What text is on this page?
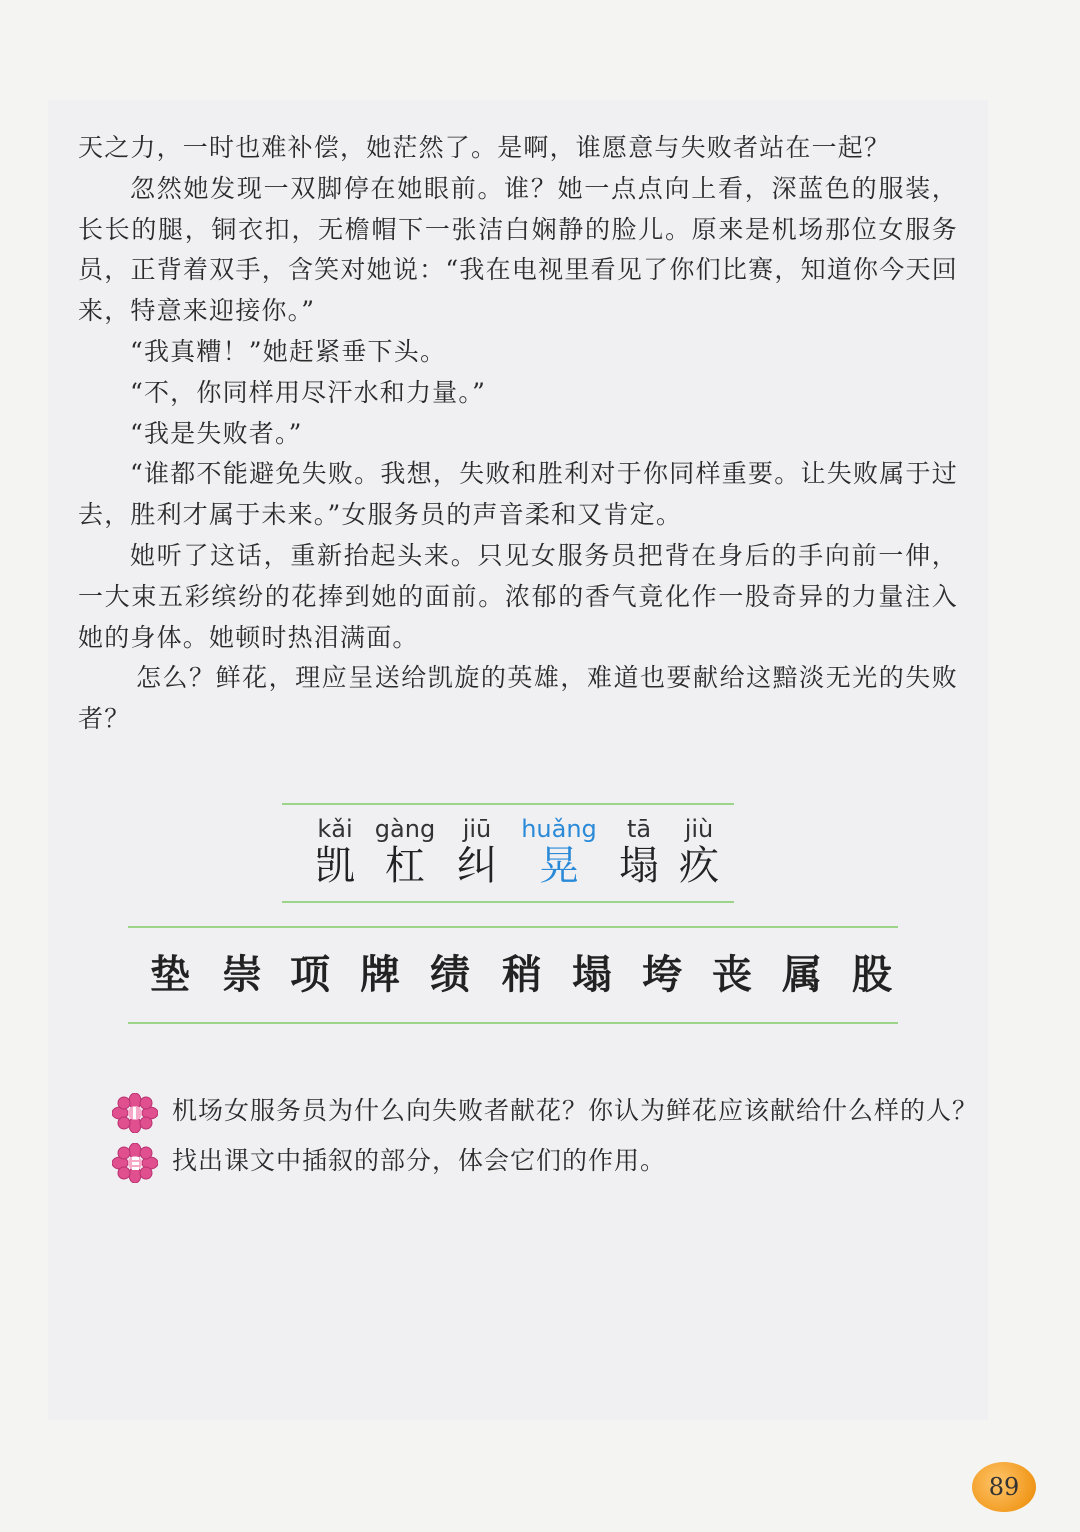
天之力，一时也难补偿，她茫然了。是啊，谁愿意与失败者站在一起？

忽然她发现一双脚停在她眼前。谁？她一点点向上看，深蓝色的服装，长长的腿，铜衣扣，无檐帽下一张洁白娴静的脸儿。原来是机场那位女服务员，正背着双手，含笑对她说：“我在电视里看见了你们比赛，知道你今天回来，特意来迎接你。”

“我真糟！”她赶紧垂下头。

“不，你同样用尽汗水和力量。”

“我是失败者。”

“谁都不能避免失败。我想，失败和胜利对于你同样重要。让失败属于过去，胜利才属于未来。”女服务员的声音柔和又肯定。

她听了这话，重新抬起头来。只见女服务员把背在身后的手向前一伸，一大束五彩缤纷的花捧到她的面前。浓郁的香气竟化作一股奇异的力量注入她的身体。她顿时热泪满面。

怎么？鲜花，理应呈送给凯旋的英雄，难道也要献给这黯淡无光的失败者？

kǎi
凯
gàng
杠
jiū
纠
huǎng
晃
tā
塌
jiù
疚
垫 崇 项 牌 绩 稍 塌 垮 丧 属 股
机场女服务员为什么向失败者献花？你认为鲜花应该献给什么样的人？
找出课文中插叙的部分，体会它们的作用。
89
